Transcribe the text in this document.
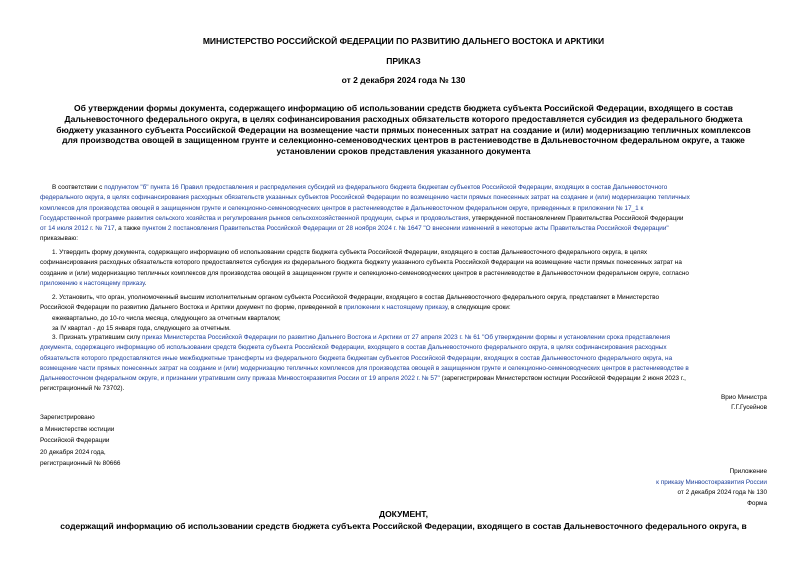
МИНИСТЕРСТВО РОССИЙСКОЙ ФЕДЕРАЦИИ ПО РАЗВИТИЮ ДАЛЬНЕГО ВОСТОКА И АРКТИКИ
ПРИКАЗ
от 2 декабря 2024 года № 130
Об утверждении формы документа, содержащего информацию об использовании средств бюджета субъекта Российской Федерации, входящего в состав
Дальневосточного федерального округа, в целях софинансирования расходных обязательств которого предоставляется субсидия из федерального бюджета
бюджету указанного субъекта Российской Федерации на возмещение части прямых понесенных затрат на создание и (или) модернизацию тепличных комплексов
для производства овощей в защищенном грунте и селекционно-семеноводческих центров в растениеводстве в Дальневосточном федеральном округе, а также
установлении сроков представления указанного документа
В соответствии с подпунктом "б" пункта 16 Правил предоставления и распределения субсидий из федерального бюджета бюджетам субъектов Российской Федерации, входящих в состав Дальневосточного
федерального округа, в целях софинансирования расходных обязательств указанных субъектов Российской Федерации по возмещению части прямых понесенных затрат на создание и (или) модернизацию тепличных
комплексов для производства овощей в защищенном грунте и селекционно-семеноводческих центров в растениеводстве в Дальневосточном федеральном округе, приведенных в приложении № 17_1 к
Государственной программе развития сельского хозяйства и регулирования рынков сельскохозяйственной продукции, сырья и продовольствия, утвержденной постановлением Правительства Российской Федерации
от 14 июля 2012 г. № 717, а также пунктом 2 постановления Правительства Российской Федерации от 28 ноября 2024 г. № 1647 "О внесении изменений в некоторые акты Правительства Российской Федерации"
приказываю:
1. Утвердить форму документа, содержащего информацию об использовании средств бюджета субъекта Российской Федерации, входящего в состав Дальневосточного федерального округа, в целях
софинансирования расходных обязательств которого предоставляется субсидия из федерального бюджета бюджету указанного субъекта Российской Федерации на возмещение части прямых понесенных затрат на
создание и (или) модернизацию тепличных комплексов для производства овощей в защищенном грунте и селекционно-семеноводческих центров в растениеводстве в Дальневосточном федеральном округе, согласно
приложению к настоящему приказу.
2. Установить, что орган, уполномоченный высшим исполнительным органом субъекта Российской Федерации, входящего в состав Дальневосточного федерального округа, представляет в Министерство
Российской Федерации по развитию Дальнего Востока и Арктики документ по форме, приведенной в приложении к настоящему приказу, в следующие сроки:
ежеквартально, до 10-го числа месяца, следующего за отчетным кварталом;
за IV квартал - до 15 января года, следующего за отчетным.
3. Признать утратившим силу приказ Министерства Российской Федерации по развитию Дальнего Востока и Арктики от 27 апреля 2023 г. № 61 "Об утверждении формы и установлении срока представления
документа, содержащего информацию об использовании средств бюджета субъекта Российской Федерации, входящего в состав Дальневосточного федерального округа, в целях софинансирования расходных
обязательств которого предоставляются иные межбюджетные трансферты из федерального бюджета бюджетам субъектов Российской Федерации, входящих в состав Дальневосточного федерального округа, на
возмещение части прямых понесенных затрат на создание и (или) модернизацию тепличных комплексов для производства овощей в защищенном грунте и селекционно-семеноводческих центров в растениеводстве в
Дальневосточном федеральном округе, и признании утратившим силу приказа Минвостокразвития России от 19 апреля 2022 г. № 57" (зарегистрирован Министерством юстиции Российской Федерации 2 июня 2023 г.,
регистрационный № 73702).
Врио Министра
Г.Г.Гусейнов
Зарегистрировано
в Министерстве юстиции
Российской Федерации
20 декабря 2024 года,
регистрационный № 80666
Приложение
к приказу Минвостокразвития России
от 2 декабря 2024 года № 130
Форма
ДОКУМЕНТ,
содержащий информацию об использовании средств бюджета субъекта Российской Федерации, входящего в состав Дальневосточного федерального округа, в
